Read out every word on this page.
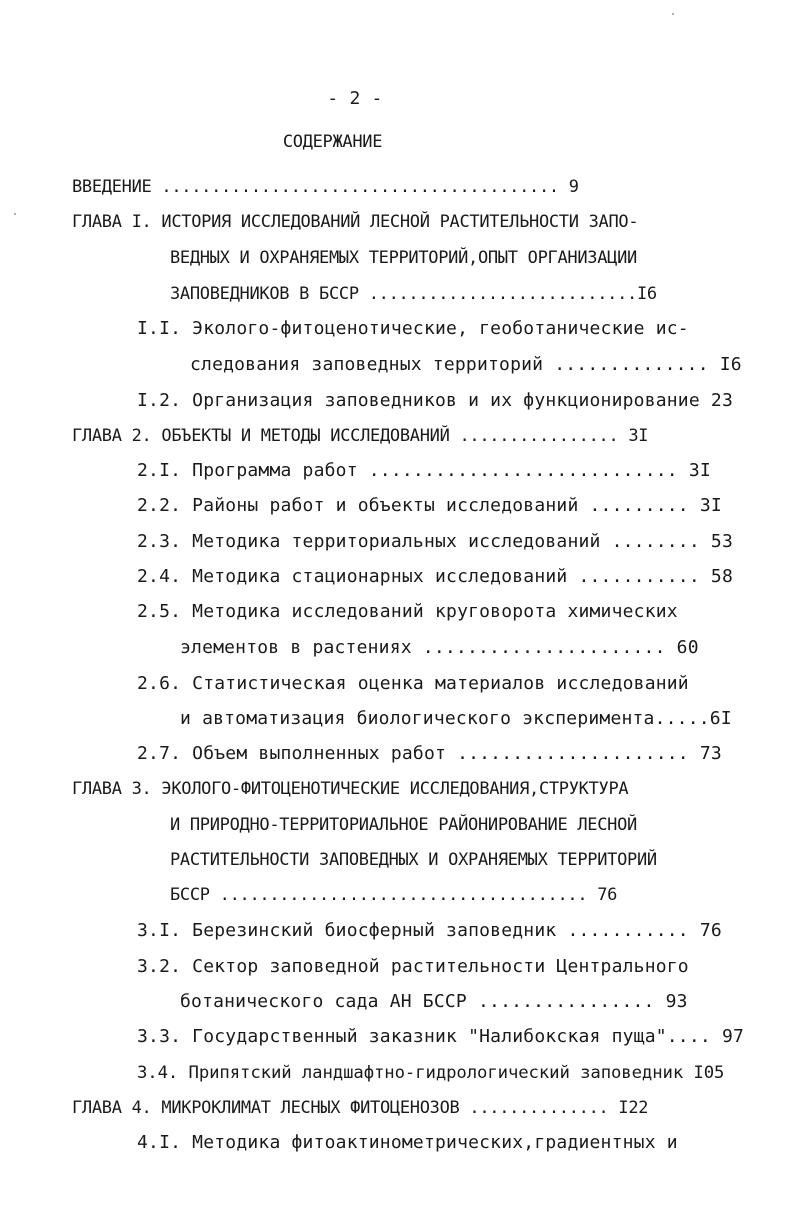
- 2 -
СОДЕРЖАНИЕ
ВВЕДЕНИЕ ........................................ 9
ГЛАВА I. ИСТОРИЯ ИССЛЕДОВАНИЙ ЛЕСНОЙ РАСТИТЕЛЬНОСТИ ЗАПО-
ВЕДНЫХ И ОХРАНЯЕМЫХ ТЕРРИТОРИЙ,ОПЫТ ОРГАНИЗАЦИИ
ЗАПОВЕДНИКОВ В БССР ...........................I6
I.I. Эколого-фитоценотические, геоботанические ис-
следования заповедных территорий .............. I6
I.2. Организация заповедников и их функционирование 23
ГЛАВА 2. ОБЪЕКТЫ И МЕТОДЫ ИССЛЕДОВАНИЙ ................ 3I
2.I. Программа работ ............................ 3I
2.2. Районы работ и объекты исследований ......... 3I
2.3. Методика территориальных исследований ........ 53
2.4. Методика стационарных исследований ........... 58
2.5. Методика исследований круговорота химических
элементов в растениях ...................... 60
2.6. Статистическая оценка материалов исследований
и автоматизация биологического эксперимента.....6I
2.7. Объем выполненных работ ..................... 73
ГЛАВА 3. ЭКОЛОГО-ФИТОЦЕНОТИЧЕСКИЕ ИССЛЕДОВАНИЯ,СТРУКТУРА
И ПРИРОДНО-ТЕРРИТОРИАЛЬНОЕ РАЙОНИРОВАНИЕ ЛЕСНОЙ
РАСТИТЕЛЬНОСТИ ЗАПОВЕДНЫХ И ОХРАНЯЕМЫХ ТЕРРИТОРИЙ
БССР ..................................... 76
3.I. Березинский биосферный заповедник ........... 76
3.2. Сектор заповедной растительности Центрального
ботанического сада АН БССР ................ 93
3.3. Государственный заказник "Налибокская пуща".... 97
3.4. Припятский ландшафтно-гидрологический заповедник I05
ГЛАВА 4. МИКРОКЛИМАТ ЛЕСНЫХ ФИТОЦЕНОЗОВ .............. I22
4.I. Методика фитоактинометрических,градиентных и
